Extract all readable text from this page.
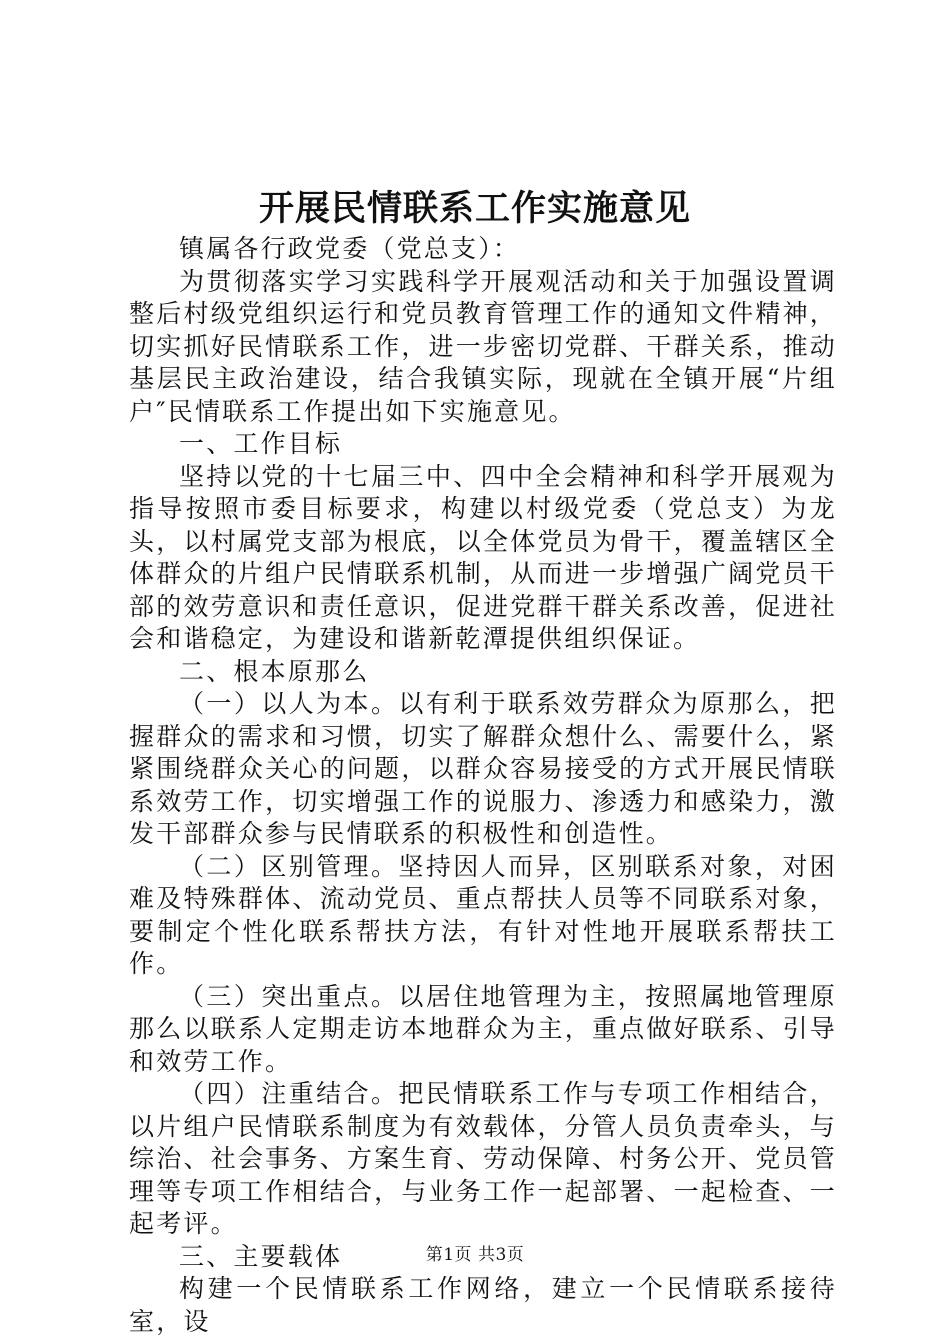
开展民情联系工作实施意见

镇属各行政党委（党总支）：

为贯彻落实学习实践科学开展观活动和关于加强设置调整后村级党组织运行和党员教育管理工作的通知文件精神，切实抓好民情联系工作，进一步密切党群、干群关系，推动基层民主政治建设，结合我镇实际，现就在全镇开展“片组户″民情联系工作提出如下实施意见。

一、工作目标

坚持以党的十七届三中、四中全会精神和科学开展观为指导按照市委目标要求，构建以村级党委（党总支）为龙头，以村属党支部为根底，以全体党员为骨干，覆盖辖区全体群众的片组户民情联系机制，从而进一步增强广阔党员干部的效劳意识和责任意识，促进党群干群关系改善，促进社会和谐稳定，为建设和谐新乾潭提供组织保证。

二、根本原那么

（一）以人为本。以有利于联系效劳群众为原那么，把握群众的需求和习惯，切实了解群众想什么、需要什么，紧紧围绕群众关心的问题，以群众容易接受的方式开展民情联系效劳工作，切实增强工作的说服力、渗透力和感染力，激发干部群众参与民情联系的积极性和创造性。

（二）区别管理。坚持因人而异，区别联系对象，对困难及特殊群体、流动党员、重点帮扶人员等不同联系对象，要制定个性化联系帮扶方法，有针对性地开展联系帮扶工作。

（三）突出重点。以居住地管理为主，按照属地管理原那么以联系人定期走访本地群众为主，重点做好联系、引导和效劳工作。

（四）注重结合。把民情联系工作与专项工作相结合，以片组户民情联系制度为有效载体，分管人员负责牵头，与综治、社会事务、方案生育、劳动保障、村务公开、党员管理等专项工作相结合，与业务工作一起部署、一起检查、一起考评。

三、主要载体

构建一个民情联系工作网络，建立一个民情联系接待室，设

第1页 共3页
